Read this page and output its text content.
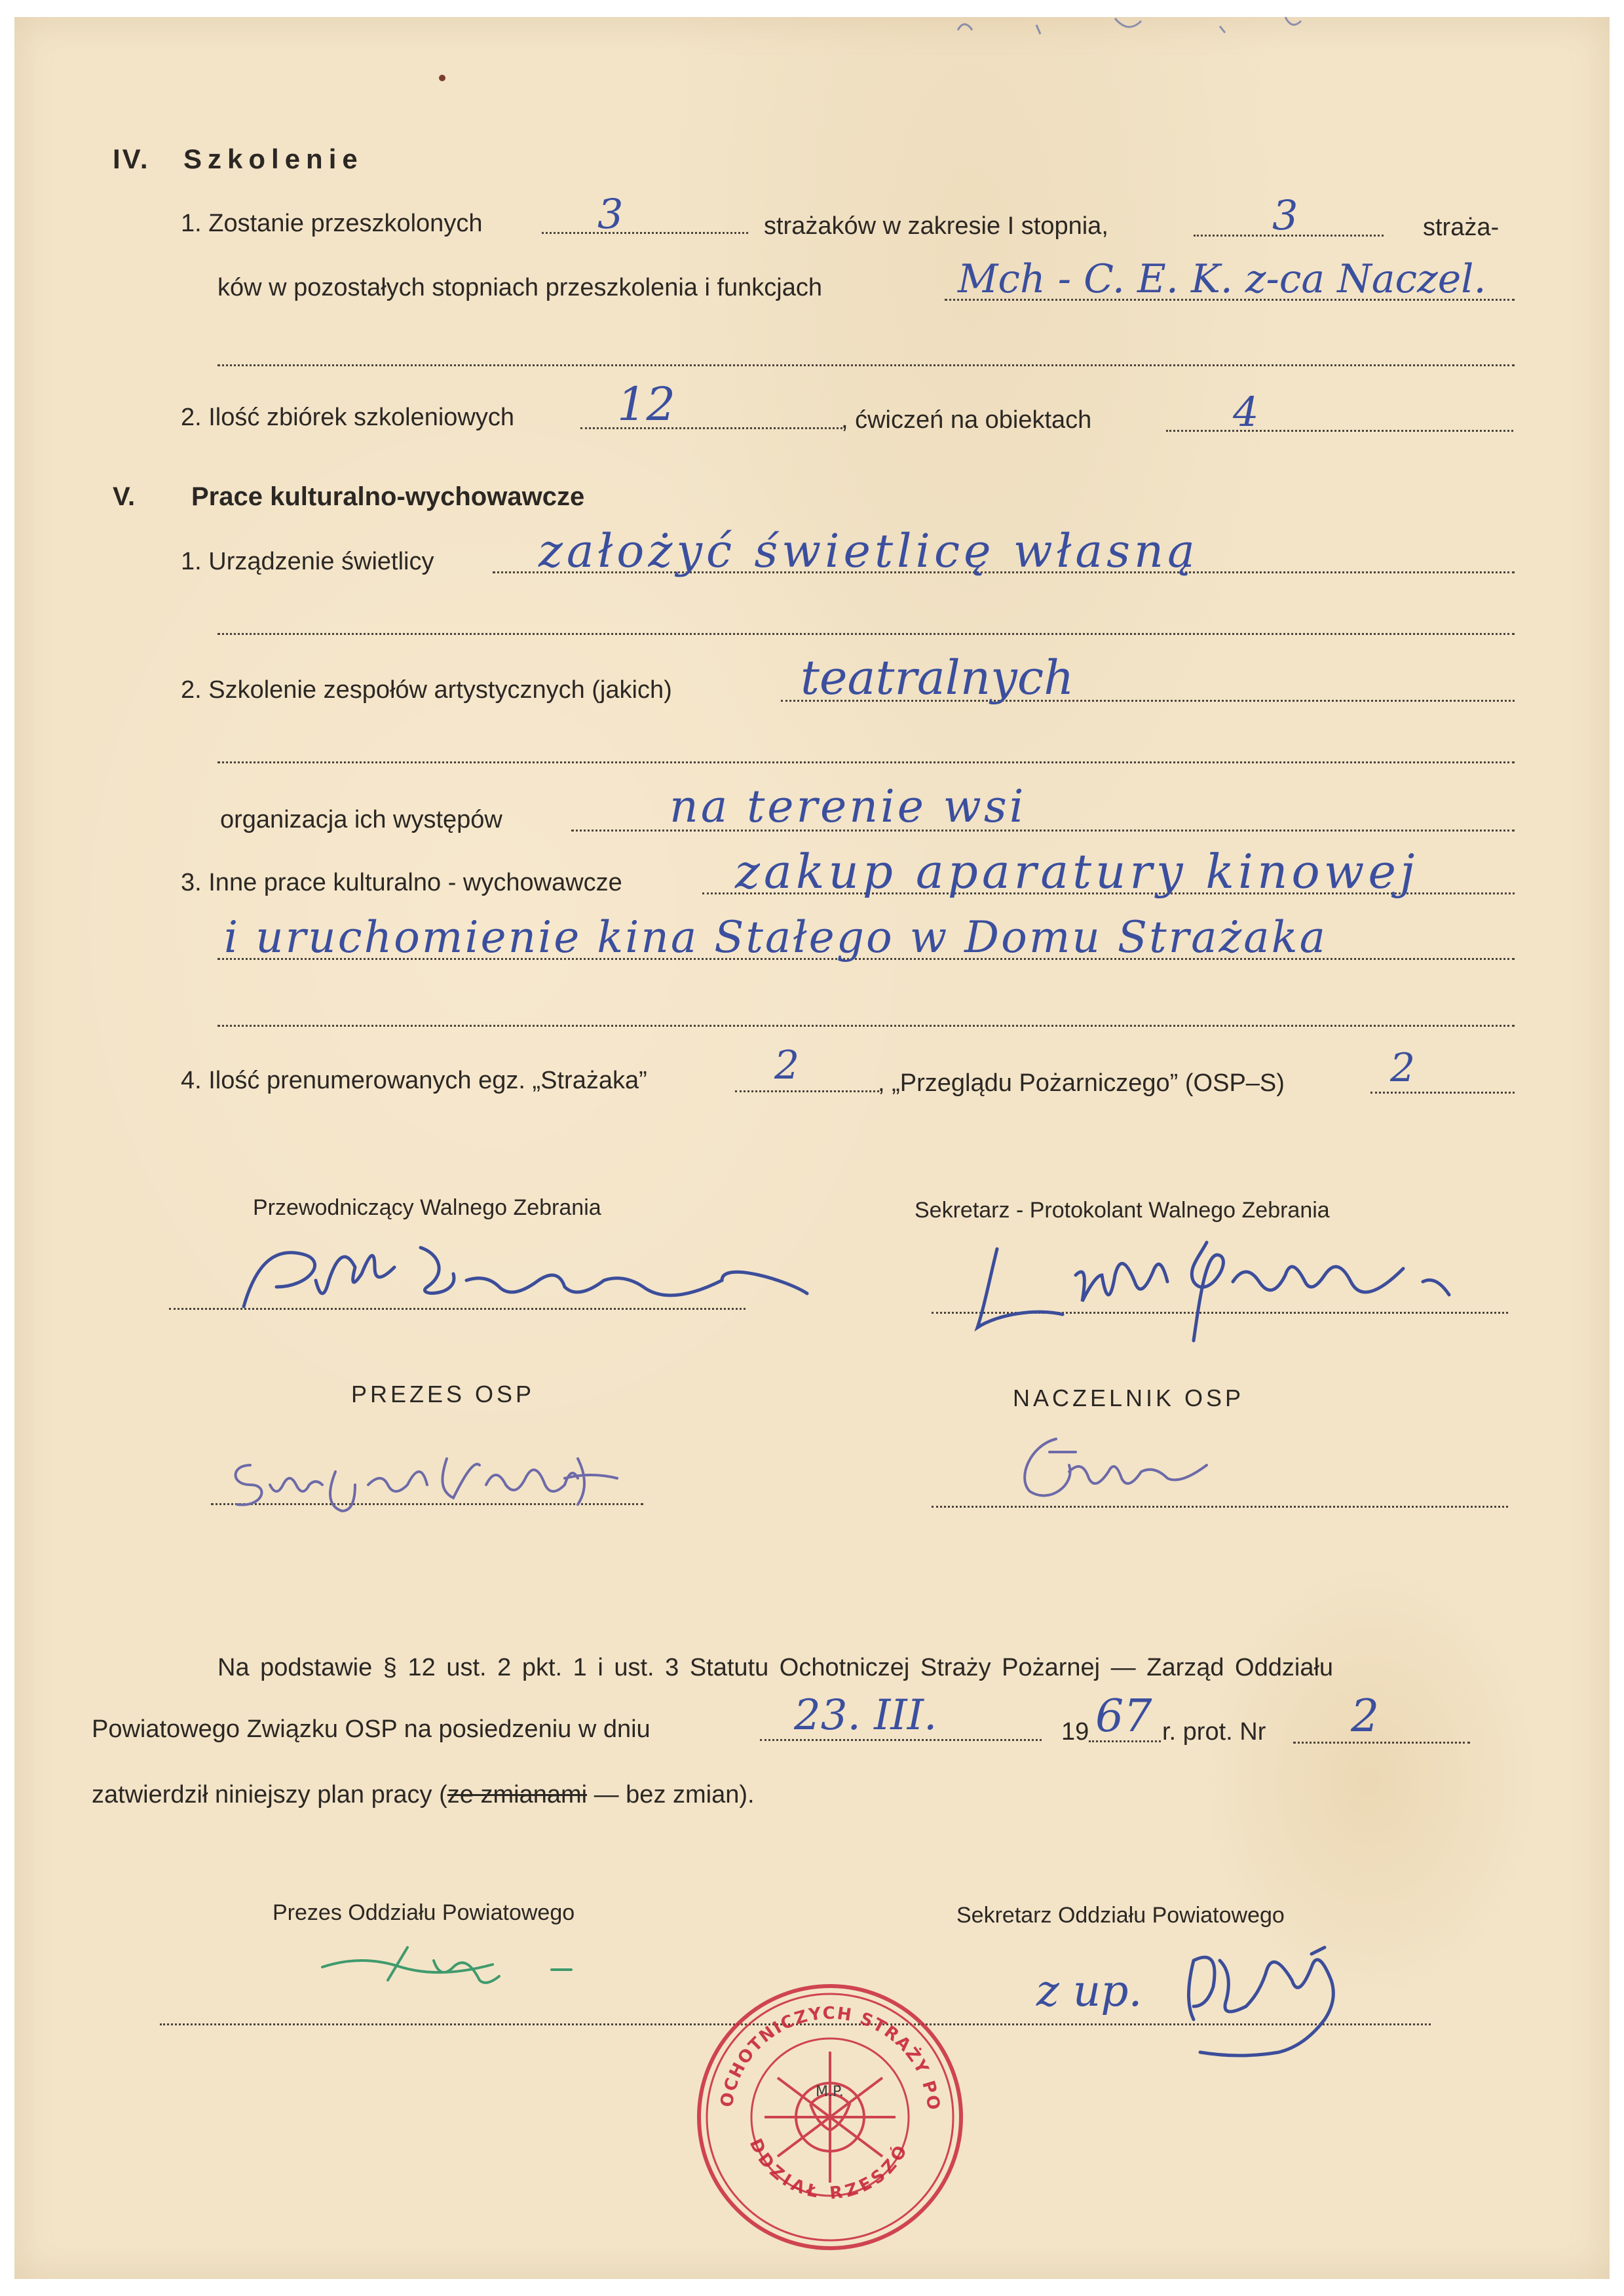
IV. Szkolenie
1. Zostanie przeszkolonych	3	strażaków w zakresie I stopnia,	3	straża-
ków w pozostałych stopniach przeszkolenia i funkcjach	Mch - C. E. K. z-ca Naczel.
2. Ilość zbiórek szkoleniowych 12	, ćwiczeń na obiektach	4
V. Prace kulturalno-wychowawcze
1. Urządzenie świetlicy założyć świetlicę własną
2. Szkolenie zespołów artystycznych (jakich)	teatralnych
organizacja ich występów	na terenie wsi
3. Inne prace kulturalno - wychowawcze zakup aparatury kinowej
i uruchomienie kina Stałego w Domu Strażaka
4. Ilość prenumerowanych egz. „Strażaka”	2	, „Przeglądu Pożarniczego” (OSP–S)	2
Przewodniczący Walnego Zebrania	Sekretarz - Protokolant Walnego Zebrania
PREZES OSP	NACZELNIK OSP
Na podstawie § 12 ust. 2 pkt. 1 i ust. 3 Statutu Ochotniczej Straży Pożarnej — Zarząd Oddziału
Powiatowego Związku OSP na posiedzeniu w dniu	23. III.	19 67 r. prot. Nr 2
zatwierdził niniejszy plan pracy (ze zmianami — bez zmian).
Prezes Oddziału Powiatowego	Sekretarz Oddziału Powiatowego
z up.
OCHOTNICZYCH STRAŻY PO
DDZIAŁ RZESZÓ
M.P.
